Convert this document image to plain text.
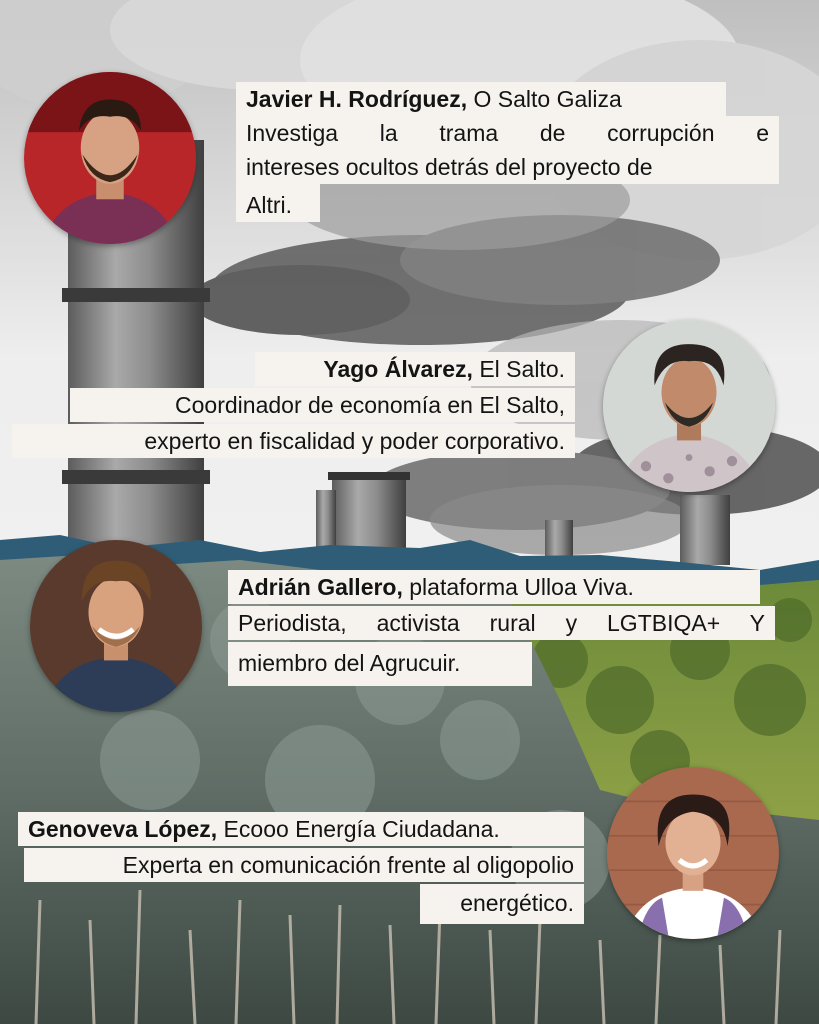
Javier H. Rodríguez, O Salto Galiza
Investiga la trama de corrupción e
intereses ocultos detrás del proyecto de
Altri.
Yago Álvarez, El Salto.
Coordinador de economía en El Salto,
experto en fiscalidad y poder corporativo.
Adrián Gallero, plataforma Ulloa Viva.
Periodista, activista rural y LGTBIQA+ Y
miembro del Agrucuir.
Genoveva López, Ecooo Energía Ciudadana.
Experta en comunicación frente al oligopolio
energético.
